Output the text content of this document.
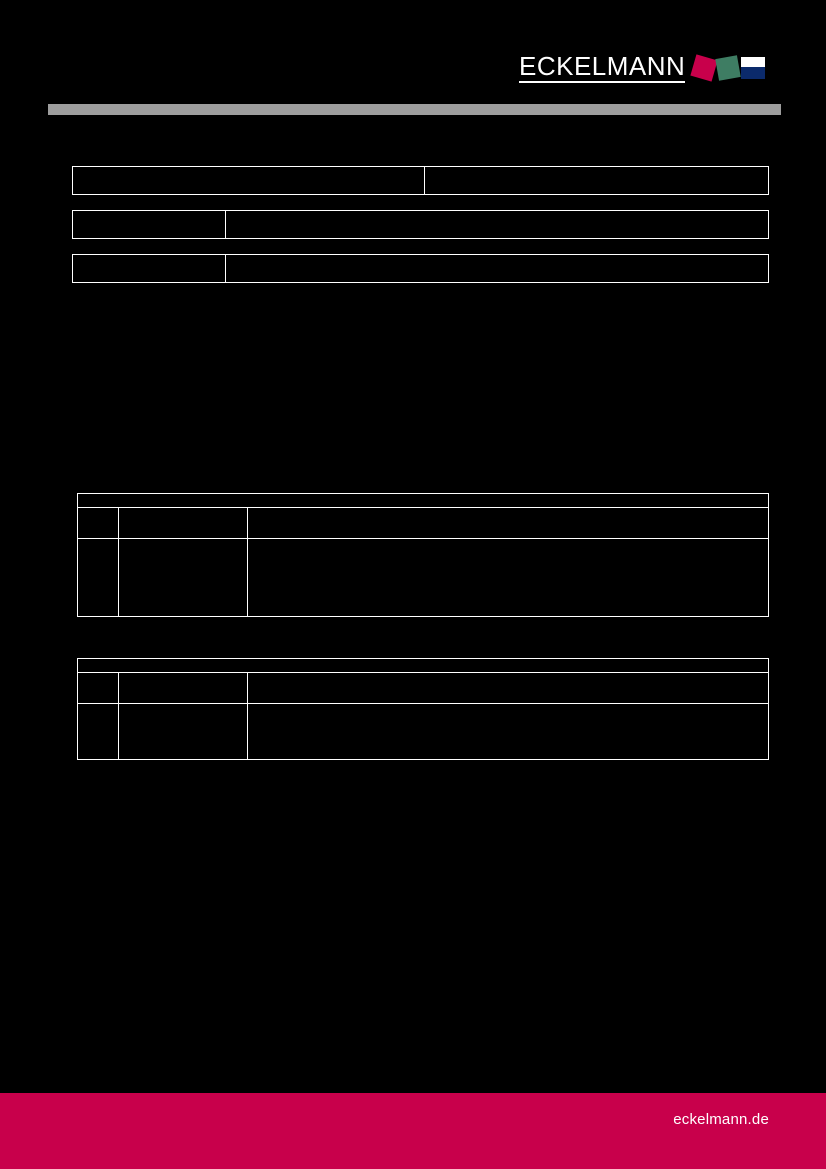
ECKELMANN
eckelmann.de
